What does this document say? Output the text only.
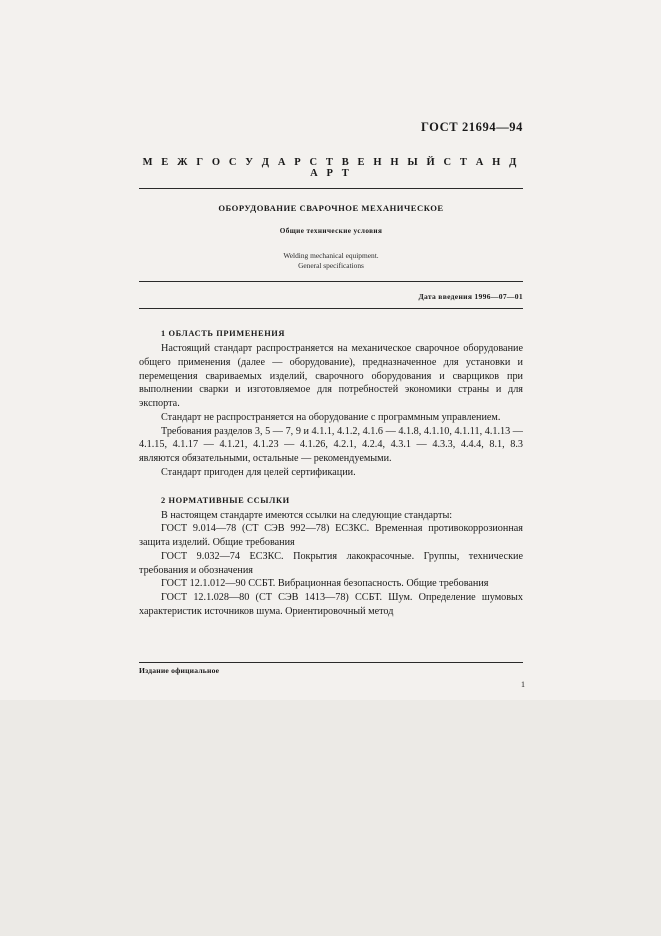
ГОСТ 21694—94
М Е Ж Г О С У Д А Р С Т В Е Н Н Ы Й С Т А Н Д А Р Т
ОБОРУДОВАНИЕ СВАРОЧНОЕ МЕХАНИЧЕСКОЕ
Общие технические условия
Welding mechanical equipment.
General specifications
Дата введения 1996—07—01
1 ОБЛАСТЬ ПРИМЕНЕНИЯ

Настоящий стандарт распространяется на механическое сварочное оборудование общего применения (далее — оборудование), предназначенное для установки и перемещения свариваемых изделий, сварочного оборудования и сварщиков при выполнении сварки и изготовляемое для потребностей экономики страны и для экспорта.

Стандарт не распространяется на оборудование с программным управлением.

Требования разделов 3, 5 — 7, 9 и 4.1.1, 4.1.2, 4.1.6 — 4.1.8, 4.1.10, 4.1.11, 4.1.13 — 4.1.15, 4.1.17 — 4.1.21, 4.1.23 — 4.1.26, 4.2.1, 4.2.4, 4.3.1 — 4.3.3, 4.4.4, 8.1, 8.3 являются обязательными, остальные — рекомендуемыми.

Стандарт пригоден для целей сертификации.

2 НОРМАТИВНЫЕ ССЫЛКИ

В настоящем стандарте имеются ссылки на следующие стандарты:

ГОСТ 9.014—78 (СТ СЭВ 992—78) ЕСЗКС. Временная противокоррозионная защита изделий. Общие требования

ГОСТ 9.032—74 ЕСЗКС. Покрытия лакокрасочные. Группы, технические требования и обозначения

ГОСТ 12.1.012—90 ССБТ. Вибрационная безопасность. Общие требования

ГОСТ 12.1.028—80 (СТ СЭВ 1413—78) ССБТ. Шум. Определение шумовых характеристик источников шума. Ориентировочный метод

Издание официальное
1
